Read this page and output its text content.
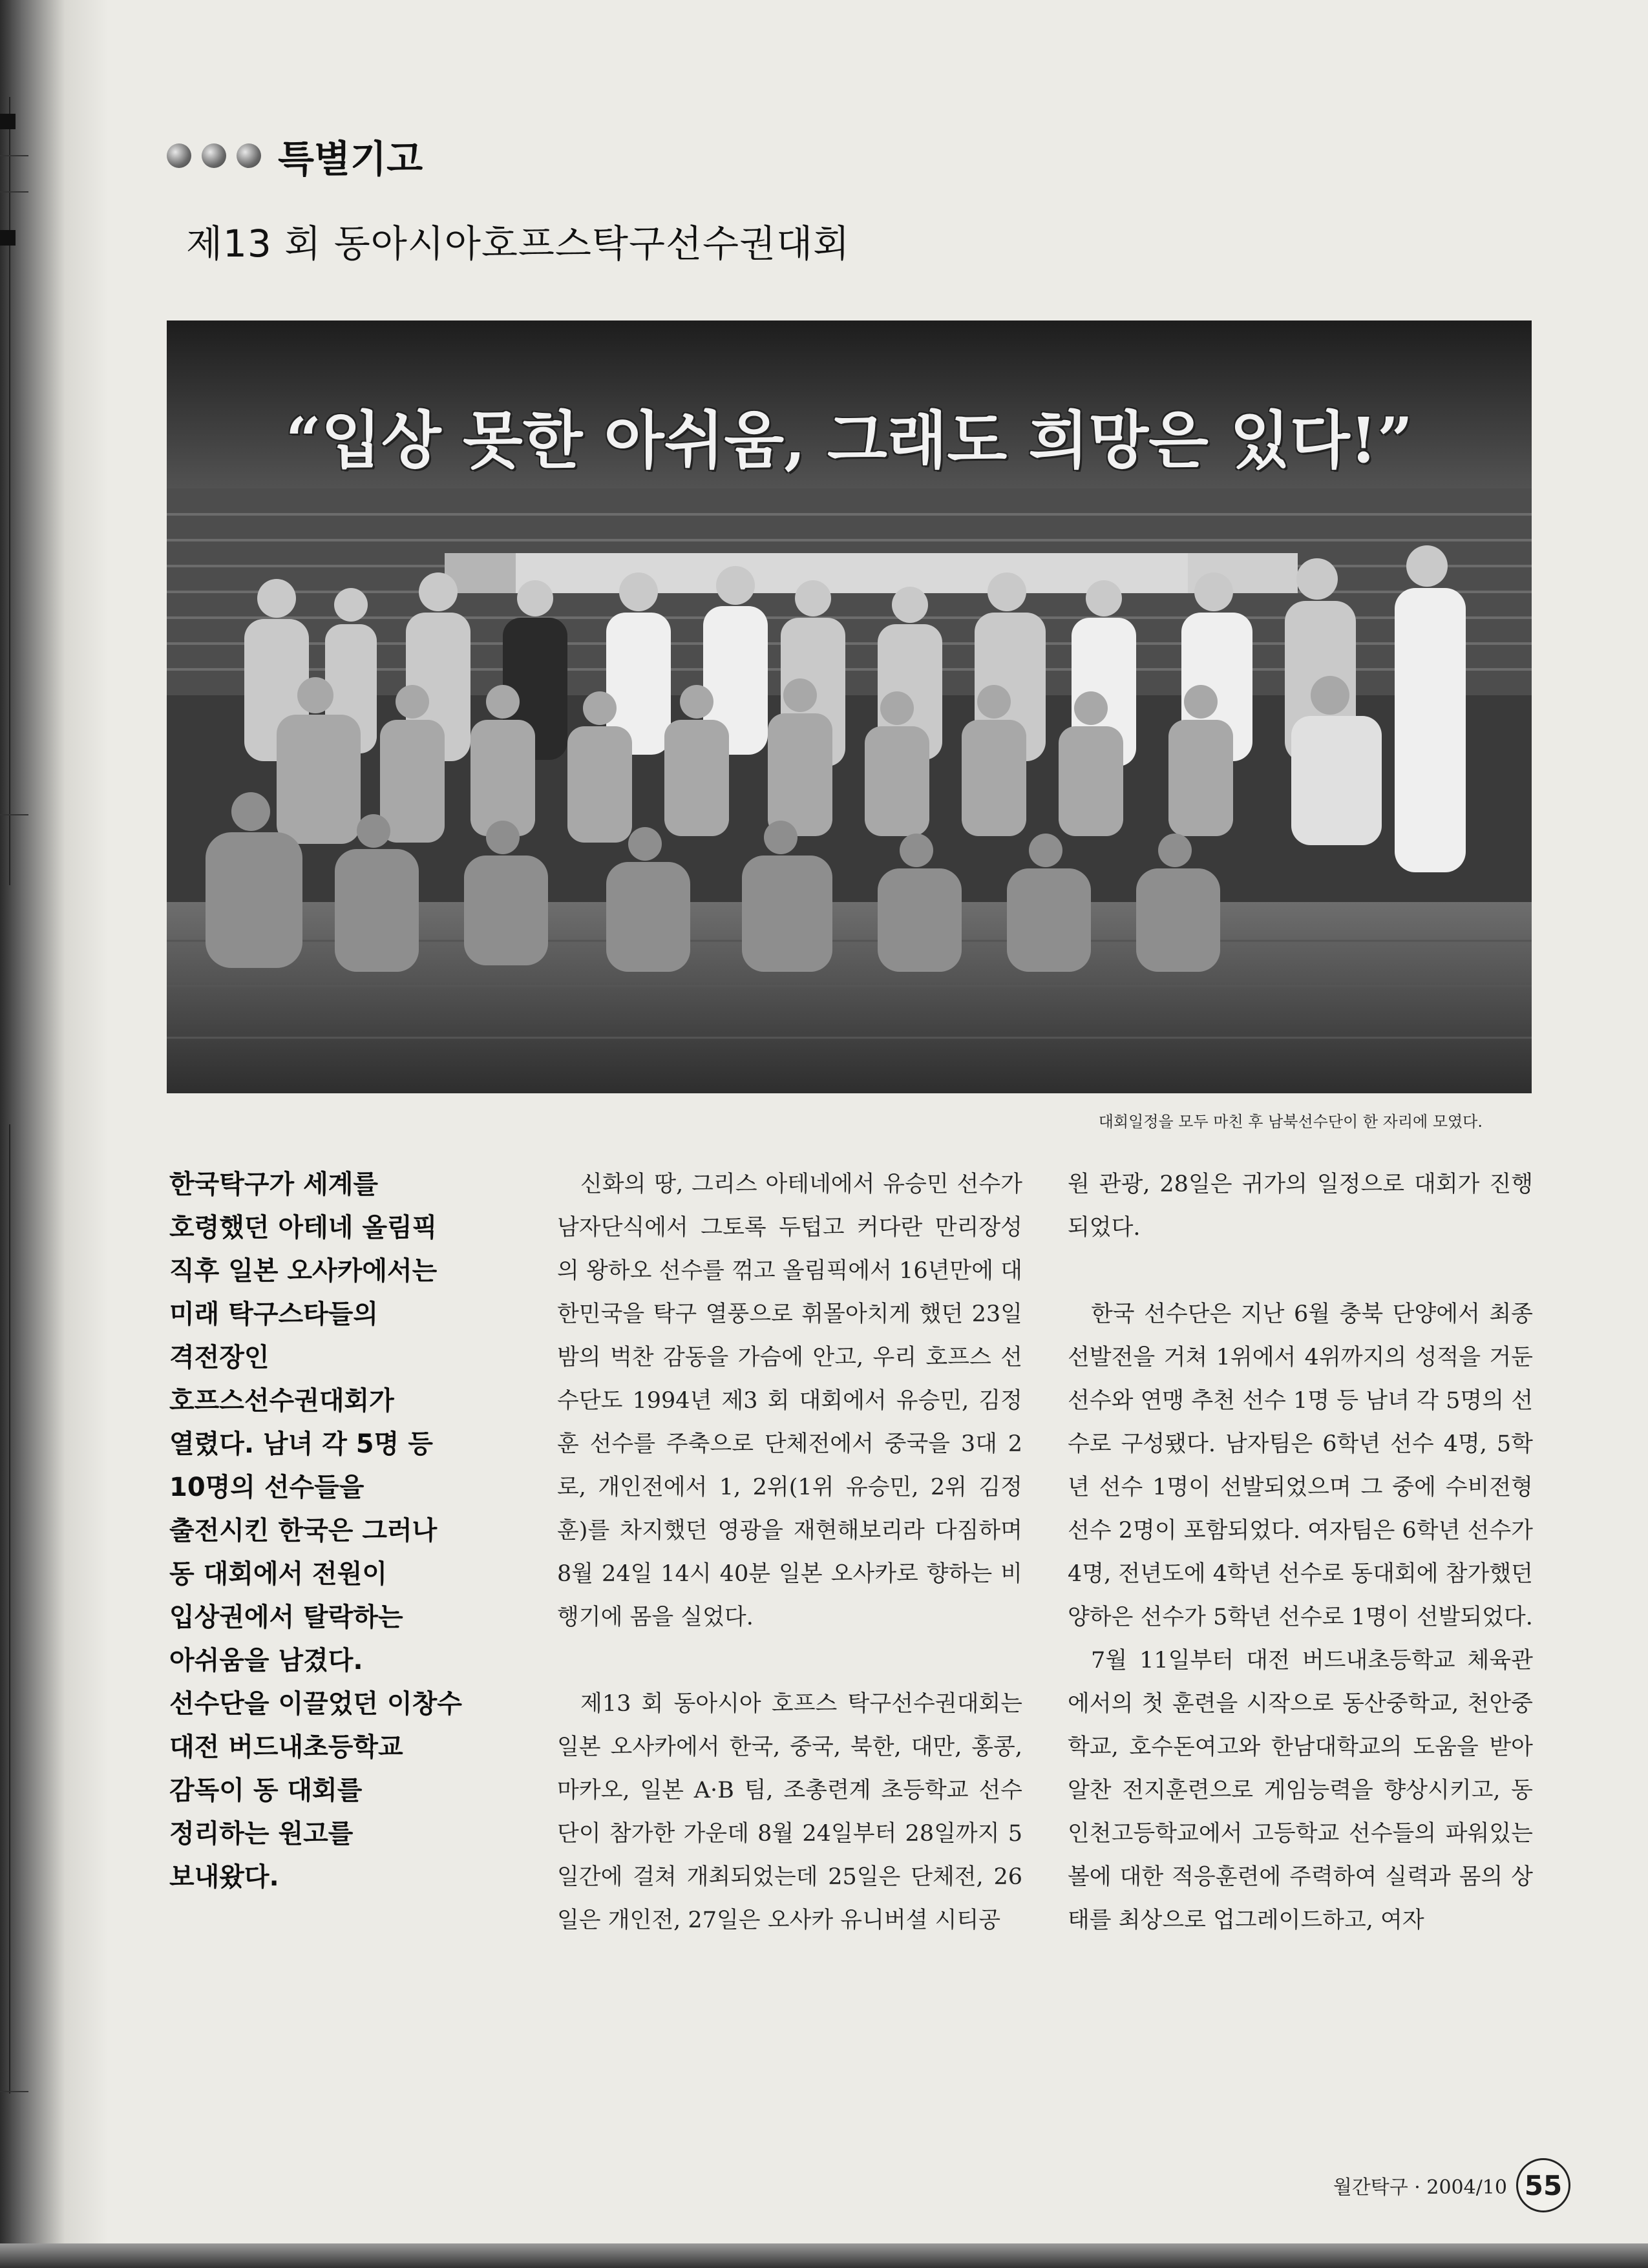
특별기고
제13 회 동아시아호프스탁구선수권대회
“입상 못한 아쉬움, 그래도 희망은 있다!”
대회일정을 모두 마친 후 남북선수단이 한 자리에 모였다.
한국탁구가 세계를
호령했던 아테네 올림픽
직후 일본 오사카에서는
미래 탁구스타들의
격전장인
호프스선수권대회가
열렸다. 남녀 각 5명 등
10명의 선수들을
출전시킨 한국은 그러나
동 대회에서 전원이
입상권에서 탈락하는
아쉬움을 남겼다.
선수단을 이끌었던 이창수
대전 버드내초등학교
감독이 동 대회를
정리하는 원고를
보내왔다.

신화의 땅, 그리스 아테네에서 유승민 선수가 남자단식에서 그토록 두텁고 커다란 만리장성의 왕하오 선수를 꺾고 올림픽에서 16년만에 대한민국을 탁구 열풍으로 휘몰아치게 했던 23일 밤의 벅찬 감동을 가슴에 안고, 우리 호프스 선수단도 1994년 제3 회 대회에서 유승민, 김정훈 선수를 주축으로 단체전에서 중국을 3대 2로, 개인전에서 1, 2위(1위 유승민, 2위 김정훈)를 차지했던 영광을 재현해보리라 다짐하며 8월 24일 14시 40분 일본 오사카로 향하는 비행기에 몸을 실었다.

제13 회 동아시아 호프스 탁구선수권대회는 일본 오사카에서 한국, 중국, 북한, 대만, 홍콩, 마카오, 일본 A·B 팀, 조총련계 초등학교 선수단이 참가한 가운데 8월 24일부터 28일까지 5일간에 걸쳐 개최되었는데 25일은 단체전, 26일은 개인전, 27일은 오사카 유니버셜 시티공

원 관광, 28일은 귀가의 일정으로 대회가 진행되었다.

한국 선수단은 지난 6월 충북 단양에서 최종선발전을 거쳐 1위에서 4위까지의 성적을 거둔 선수와 연맹 추천 선수 1명 등 남녀 각 5명의 선수로 구성됐다. 남자팀은 6학년 선수 4명, 5학년 선수 1명이 선발되었으며 그 중에 수비전형 선수 2명이 포함되었다. 여자팀은 6학년 선수가 4명, 전년도에 4학년 선수로 동대회에 참가했던 양하은 선수가 5학년 선수로 1명이 선발되었다.

7월 11일부터 대전 버드내초등학교 체육관에서의 첫 훈련을 시작으로 동산중학교, 천안중학교, 호수돈여고와 한남대학교의 도움을 받아 알찬 전지훈련으로 게임능력을 향상시키고, 동인천고등학교에서 고등학교 선수들의 파워있는 볼에 대한 적응훈련에 주력하여 실력과 몸의 상태를 최상으로 업그레이드하고, 여자

월간탁구 · 2004/10 55
